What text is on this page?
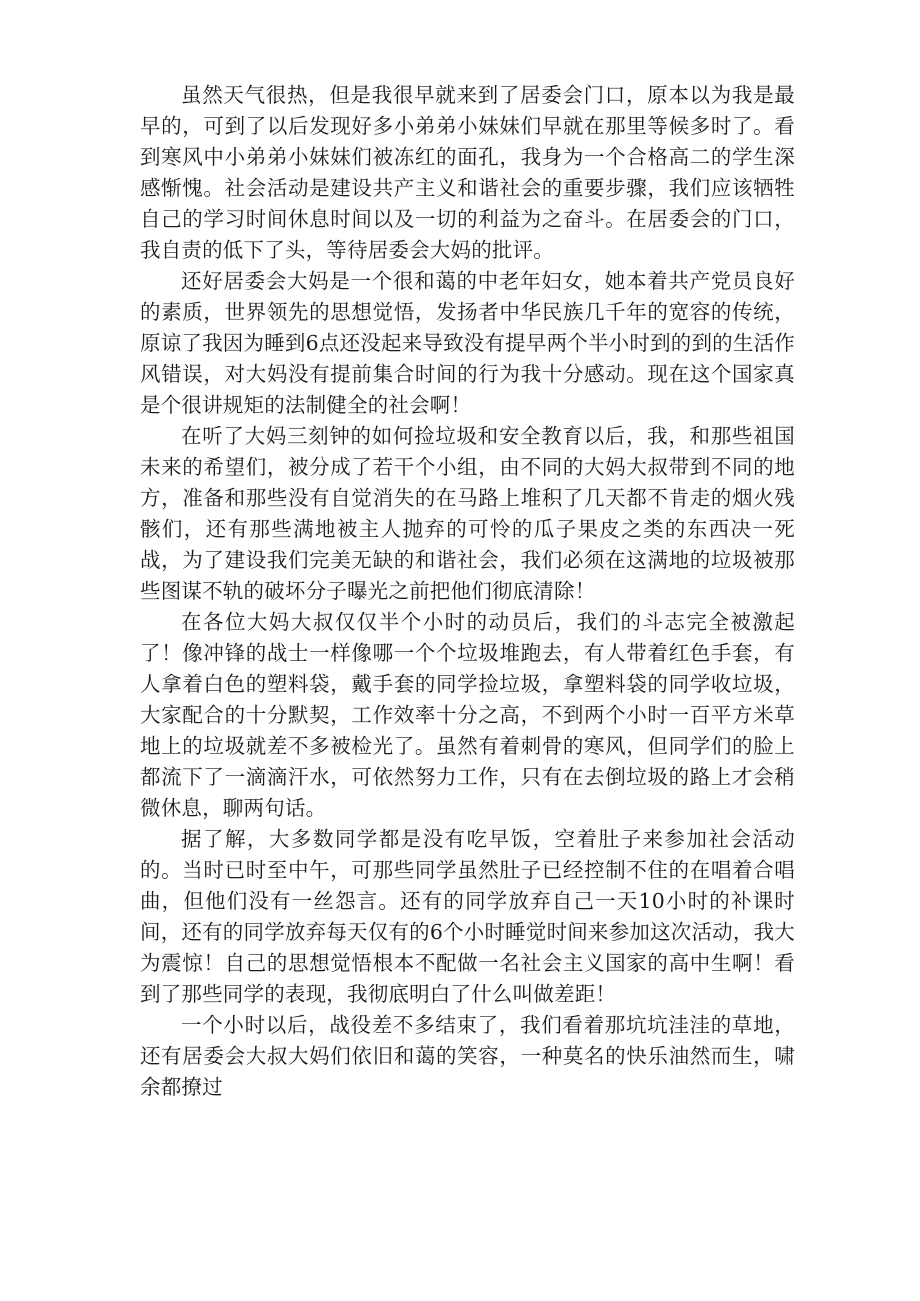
虽然天气很热，但是我很早就来到了居委会门口，原本以为我是最早的，可到了以后发现好多小弟弟小妹妹们早就在那里等候多时了。看到寒风中小弟弟小妹妹们被冻红的面孔，我身为一个合格高二的学生深感惭愧。社会活动是建设共产主义和谐社会的重要步骤，我们应该牺牲自己的学习时间休息时间以及一切的利益为之奋斗。在居委会的门口，我自责的低下了头，等待居委会大妈的批评。

还好居委会大妈是一个很和蔼的中老年妇女，她本着共产党员良好的素质，世界领先的思想觉悟，发扬者中华民族几千年的宽容的传统，原谅了我因为睡到6点还没起来导致没有提早两个半小时到的到的生活作风错误，对大妈没有提前集合时间的行为我十分感动。现在这个国家真是个很讲规矩的法制健全的社会啊！

在听了大妈三刻钟的如何捡垃圾和安全教育以后，我，和那些祖国未来的希望们，被分成了若干个小组，由不同的大妈大叔带到不同的地方，准备和那些没有自觉消失的在马路上堆积了几天都不肯走的烟火残骸们，还有那些满地被主人抛弃的可怜的瓜子果皮之类的东西决一死战，为了建设我们完美无缺的和谐社会，我们必须在这满地的垃圾被那些图谋不轨的破坏分子曝光之前把他们彻底清除！

在各位大妈大叔仅仅半个小时的动员后，我们的斗志完全被激起了！像冲锋的战士一样像哪一个个垃圾堆跑去，有人带着红色手套，有人拿着白色的塑料袋，戴手套的同学捡垃圾，拿塑料袋的同学收垃圾，大家配合的十分默契，工作效率十分之高，不到两个小时一百平方米草地上的垃圾就差不多被检光了。虽然有着刺骨的寒风，但同学们的脸上都流下了一滴滴汗水，可依然努力工作，只有在去倒垃圾的路上才会稍微休息，聊两句话。

据了解，大多数同学都是没有吃早饭，空着肚子来参加社会活动的。当时已时至中午，可那些同学虽然肚子已经控制不住的在唱着合唱曲，但他们没有一丝怨言。还有的同学放弃自己一天10小时的补课时间，还有的同学放弃每天仅有的6个小时睡觉时间来参加这次活动，我大为震惊！自己的思想觉悟根本不配做一名社会主义国家的高中生啊！看到了那些同学的表现，我彻底明白了什么叫做差距！

一个小时以后，战役差不多结束了，我们看着那坑坑洼洼的草地，还有居委会大叔大妈们依旧和蔼的笑容，一种莫名的快乐油然而生，啸余都撩过
